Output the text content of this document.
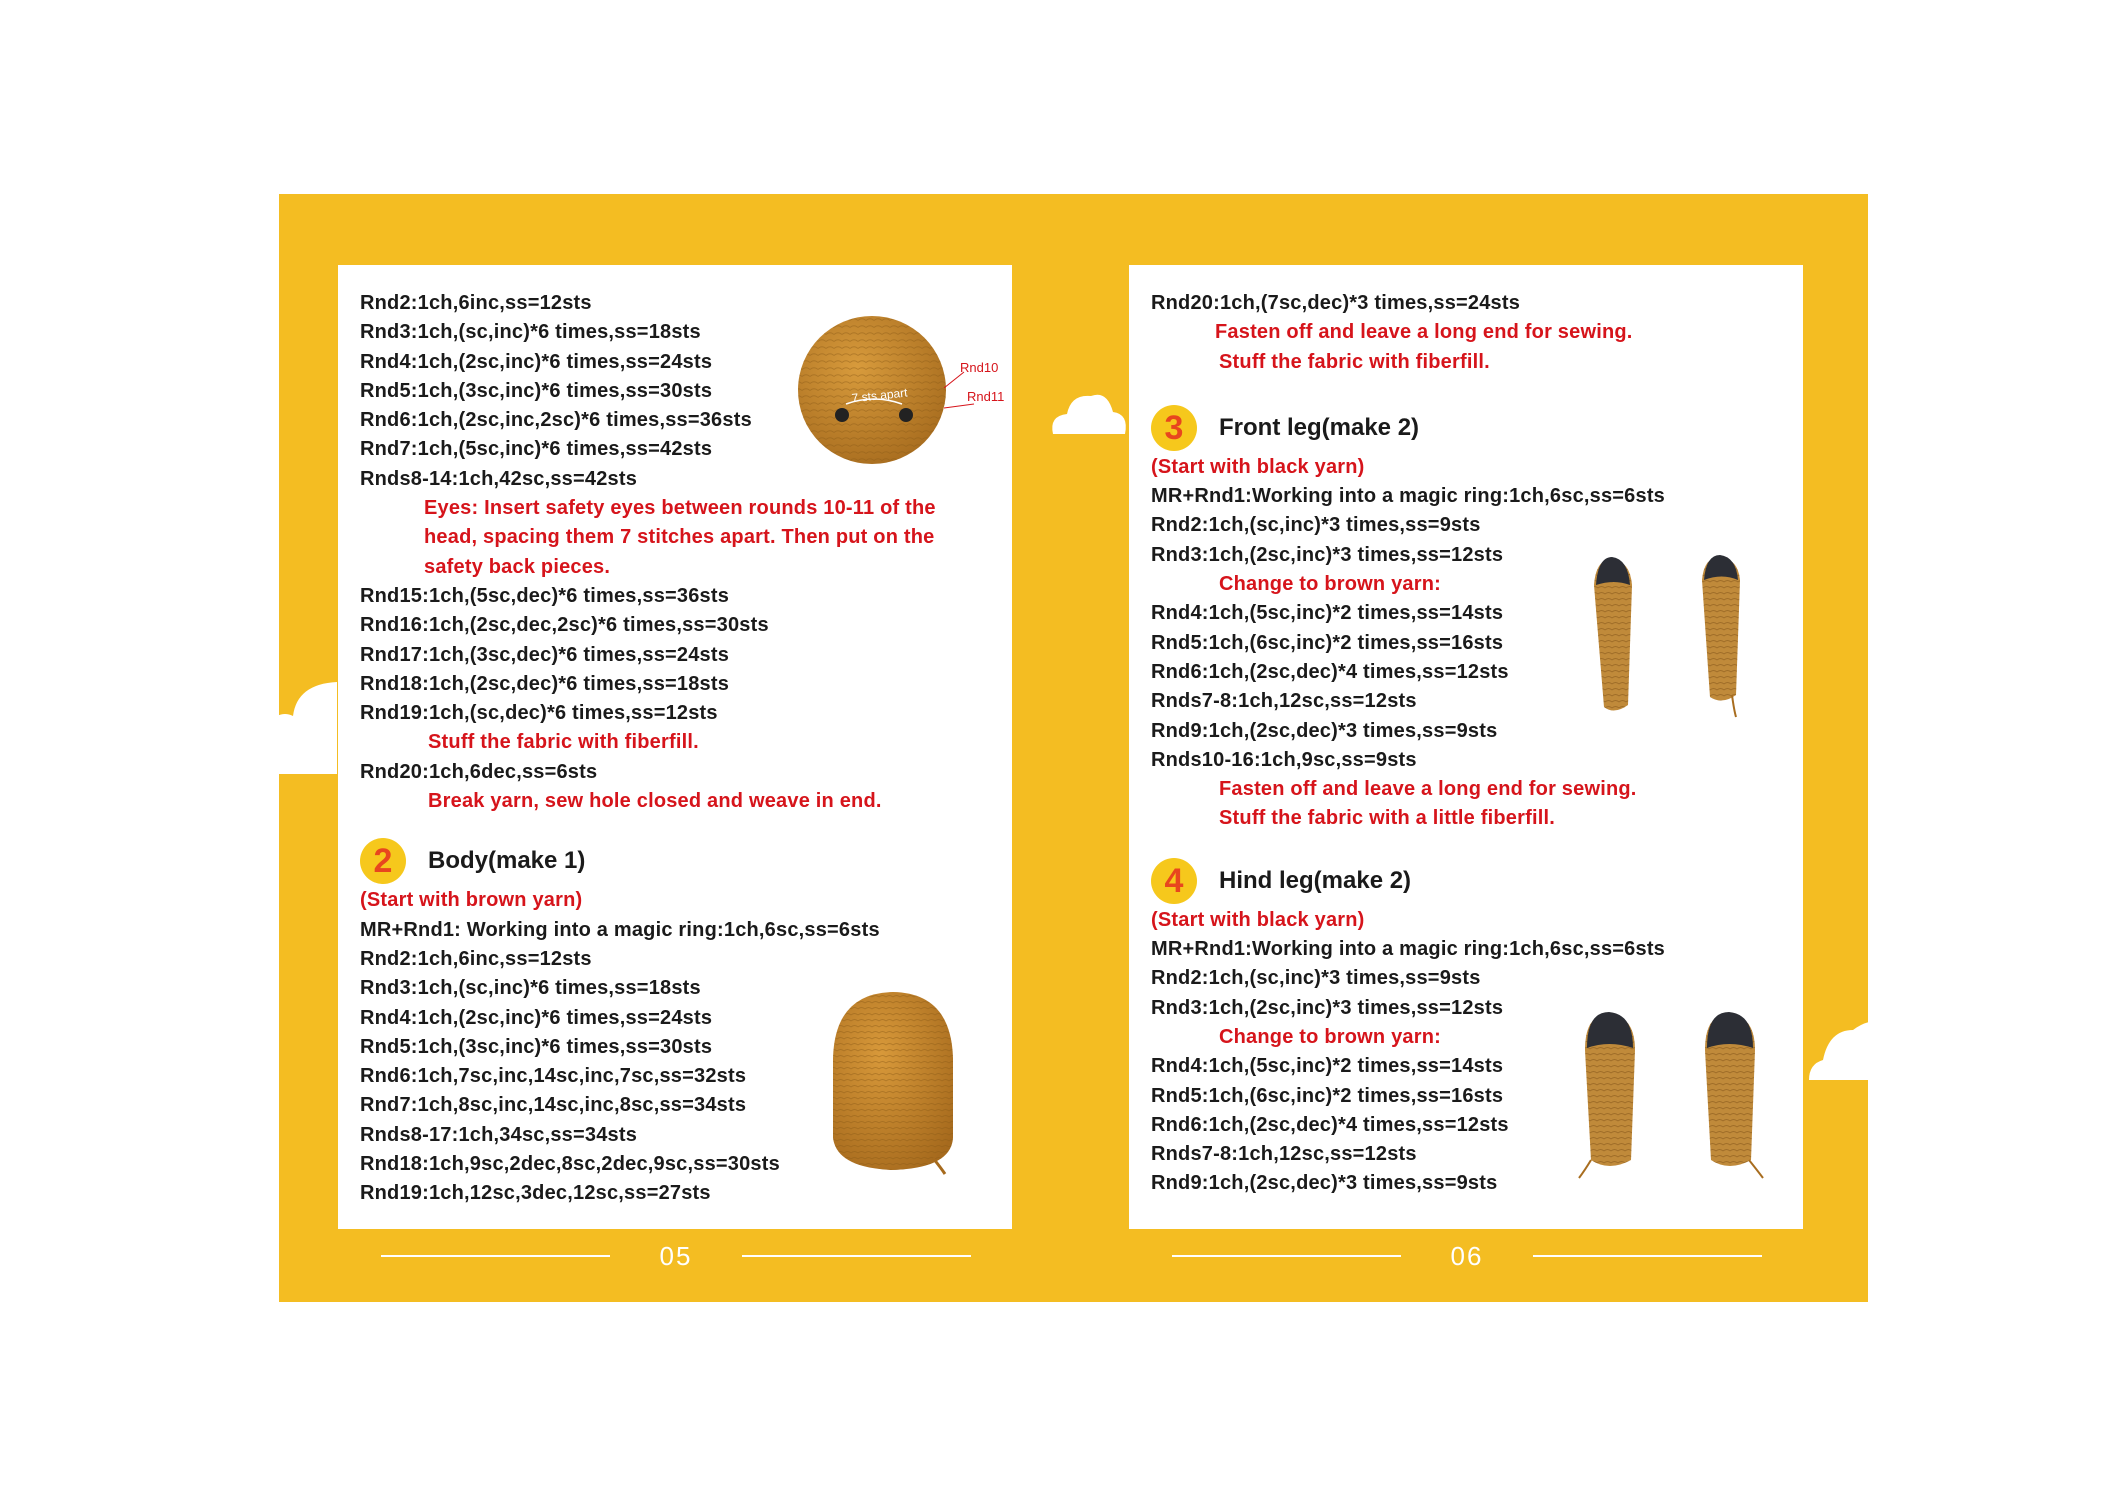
Rnd2:1ch,6inc,ss=12sts
Rnd3:1ch,(sc,inc)*6 times,ss=18sts
Rnd4:1ch,(2sc,inc)*6 times,ss=24sts
Rnd5:1ch,(3sc,inc)*6 times,ss=30sts
Rnd6:1ch,(2sc,inc,2sc)*6 times,ss=36sts
Rnd7:1ch,(5sc,inc)*6 times,ss=42sts
Rnds8-14:1ch,42sc,ss=42sts
Eyes: Insert safety eyes between rounds 10-11 of the
head, spacing them 7 stitches apart. Then put on the
safety back pieces.
Rnd15:1ch,(5sc,dec)*6 times,ss=36sts
Rnd16:1ch,(2sc,dec,2sc)*6 times,ss=30sts
Rnd17:1ch,(3sc,dec)*6 times,ss=24sts
Rnd18:1ch,(2sc,dec)*6 times,ss=18sts
Rnd19:1ch,(sc,dec)*6 times,ss=12sts
Stuff the fabric with fiberfill.
Rnd20:1ch,6dec,ss=6sts
Break yarn, sew hole closed and weave in end.
2	Body(make 1)
(Start with brown yarn)
MR+Rnd1: Working into a magic ring:1ch,6sc,ss=6sts
Rnd2:1ch,6inc,ss=12sts
Rnd3:1ch,(sc,inc)*6 times,ss=18sts
Rnd4:1ch,(2sc,inc)*6 times,ss=24sts
Rnd5:1ch,(3sc,inc)*6 times,ss=30sts
Rnd6:1ch,7sc,inc,14sc,inc,7sc,ss=32sts
Rnd7:1ch,8sc,inc,14sc,inc,8sc,ss=34sts
Rnds8-17:1ch,34sc,ss=34sts
Rnd18:1ch,9sc,2dec,8sc,2dec,9sc,ss=30sts
Rnd19:1ch,12sc,3dec,12sc,ss=27sts
7 sts apart
Rnd10
Rnd11
Rnd20:1ch,(7sc,dec)*3 times,ss=24sts
Fasten off and leave a long end for sewing.
Stuff the fabric with fiberfill.
3	Front leg(make 2)
(Start with black yarn)
MR+Rnd1:Working into a magic ring:1ch,6sc,ss=6sts
Rnd2:1ch,(sc,inc)*3 times,ss=9sts
Rnd3:1ch,(2sc,inc)*3 times,ss=12sts
Change to brown yarn:
Rnd4:1ch,(5sc,inc)*2 times,ss=14sts
Rnd5:1ch,(6sc,inc)*2 times,ss=16sts
Rnd6:1ch,(2sc,dec)*4 times,ss=12sts
Rnds7-8:1ch,12sc,ss=12sts
Rnd9:1ch,(2sc,dec)*3 times,ss=9sts
Rnds10-16:1ch,9sc,ss=9sts
Fasten off and leave a long end for sewing.
Stuff the fabric with a little fiberfill.
4	Hind leg(make 2)
(Start with black yarn)
MR+Rnd1:Working into a magic ring:1ch,6sc,ss=6sts
Rnd2:1ch,(sc,inc)*3 times,ss=9sts
Rnd3:1ch,(2sc,inc)*3 times,ss=12sts
Change to brown yarn:
Rnd4:1ch,(5sc,inc)*2 times,ss=14sts
Rnd5:1ch,(6sc,inc)*2 times,ss=16sts
Rnd6:1ch,(2sc,dec)*4 times,ss=12sts
Rnds7-8:1ch,12sc,ss=12sts
Rnd9:1ch,(2sc,dec)*3 times,ss=9sts
05	06
